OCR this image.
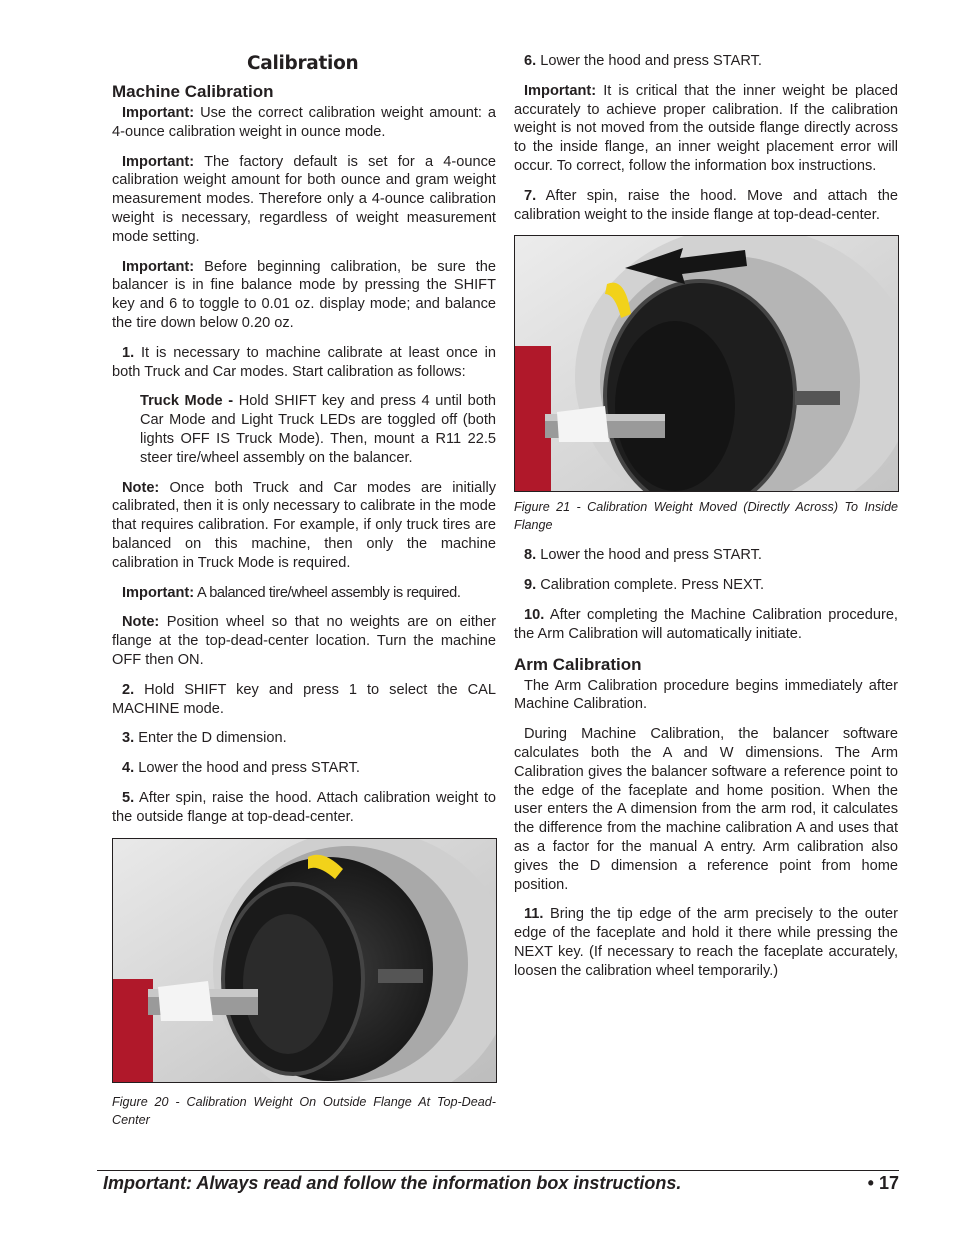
Calibration
Machine Calibration

Important: Use the correct calibration weight amount: a 4-ounce calibration weight in ounce mode.

Important: The factory default is set for a 4-ounce calibration weight amount for both ounce and gram weight measurement modes. Therefore only a 4-ounce calibration weight is necessary, regardless of weight measurement mode setting.

Important: Before beginning calibration, be sure the balancer is in fine balance mode by pressing the SHIFT key and 6 to toggle to 0.01 oz. display mode; and balance the tire down below 0.20 oz.

1. It is necessary to machine calibrate at least once in both Truck and Car modes. Start calibration as follows:

Truck Mode - Hold SHIFT key and press 4 until both Car Mode and Light Truck LEDs are toggled off (both lights OFF IS Truck Mode). Then, mount a R11 22.5 steer tire/wheel assembly on the balancer.

Note: Once both Truck and Car modes are initially calibrated, then it is only necessary to calibrate in the mode that requires calibration. For example, if only truck tires are balanced on this machine, then only the machine calibration in Truck Mode is required.

Important: A balanced tire/wheel assembly is required.

Note: Position wheel so that no weights are on either flange at the top-dead-center location. Turn the machine OFF then ON.

2. Hold SHIFT key and press 1 to select the CAL MACHINE mode.

3. Enter the D dimension.

4. Lower the hood and press START.

5. After spin, raise the hood. Attach calibration weight to the outside flange at top-dead-center.

Figure 20 - Calibration Weight On Outside Flange At Top-Dead-Center

6. Lower the hood and press START.

Important: It is critical that the inner weight be placed accurately to achieve proper calibration. If the calibration weight is not moved from the outside flange directly across to the inside flange, an inner weight placement error will occur. To correct, follow the information box instructions.

7. After spin, raise the hood. Move and attach the calibration weight to the inside flange at top-dead-center.

Figure 21 - Calibration Weight Moved (Directly Across) To Inside Flange

8. Lower the hood and press START.

9. Calibration complete. Press NEXT.

10. After completing the Machine Calibration procedure, the Arm Calibration will automatically initiate.

Arm Calibration

The Arm Calibration procedure begins immediately after Machine Calibration.

During Machine Calibration, the balancer software calculates both the A and W dimensions. The Arm Calibration gives the balancer software a reference point to the edge of the faceplate and home position. When the user enters the A dimension from the arm rod, it calculates the difference from the machine calibration A and uses that as a factor for the manual A entry. Arm calibration also gives the D dimension a reference point from home position.

11. Bring the tip edge of the arm precisely to the outer edge of the faceplate and hold it there while pressing the NEXT key. (If necessary to reach the faceplate accurately, loosen the calibration wheel temporarily.)

Important: Always read and follow the information box instructions.	• 17
